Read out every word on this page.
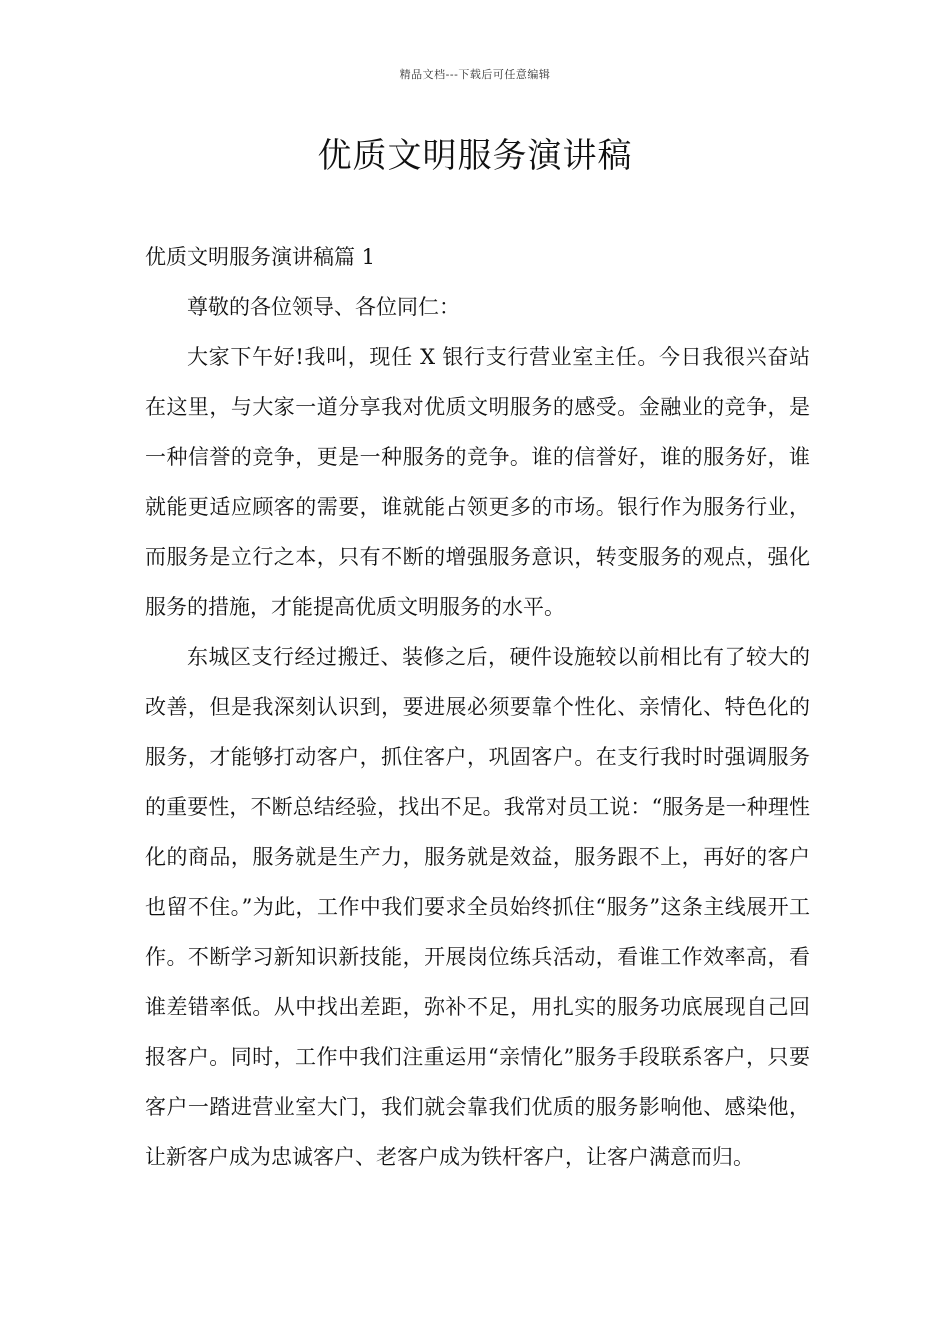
精品文档---下载后可任意编辑
优质文明服务演讲稿

优质文明服务演讲稿篇 1

尊敬的各位领导、各位同仁：

大家下午好!我叫，现任 X 银行支行营业室主任。今日我很兴奋站在这里，与大家一道分享我对优质文明服务的感受。金融业的竞争，是一种信誉的竞争，更是一种服务的竞争。谁的信誉好，谁的服务好，谁就能更适应顾客的需要，谁就能占领更多的市场。银行作为服务行业，而服务是立行之本，只有不断的增强服务意识，转变服务的观点，强化服务的措施，才能提高优质文明服务的水平。

东城区支行经过搬迁、装修之后，硬件设施较以前相比有了较大的改善，但是我深刻认识到，要进展必须要靠个性化、亲情化、特色化的服务，才能够打动客户，抓住客户，巩固客户。在支行我时时强调服务的重要性，不断总结经验，找出不足。我常对员工说：“服务是一种理性化的商品，服务就是生产力，服务就是效益，服务跟不上，再好的客户也留不住。”为此，工作中我们要求全员始终抓住“服务”这条主线展开工作。不断学习新知识新技能，开展岗位练兵活动，看谁工作效率高，看谁差错率低。从中找出差距，弥补不足，用扎实的服务功底展现自己回报客户。同时，工作中我们注重运用“亲情化”服务手段联系客户，只要客户一踏进营业室大门，我们就会靠我们优质的服务影响他、感染他，让新客户成为忠诚客户、老客户成为铁杆客户，让客户满意而归。
